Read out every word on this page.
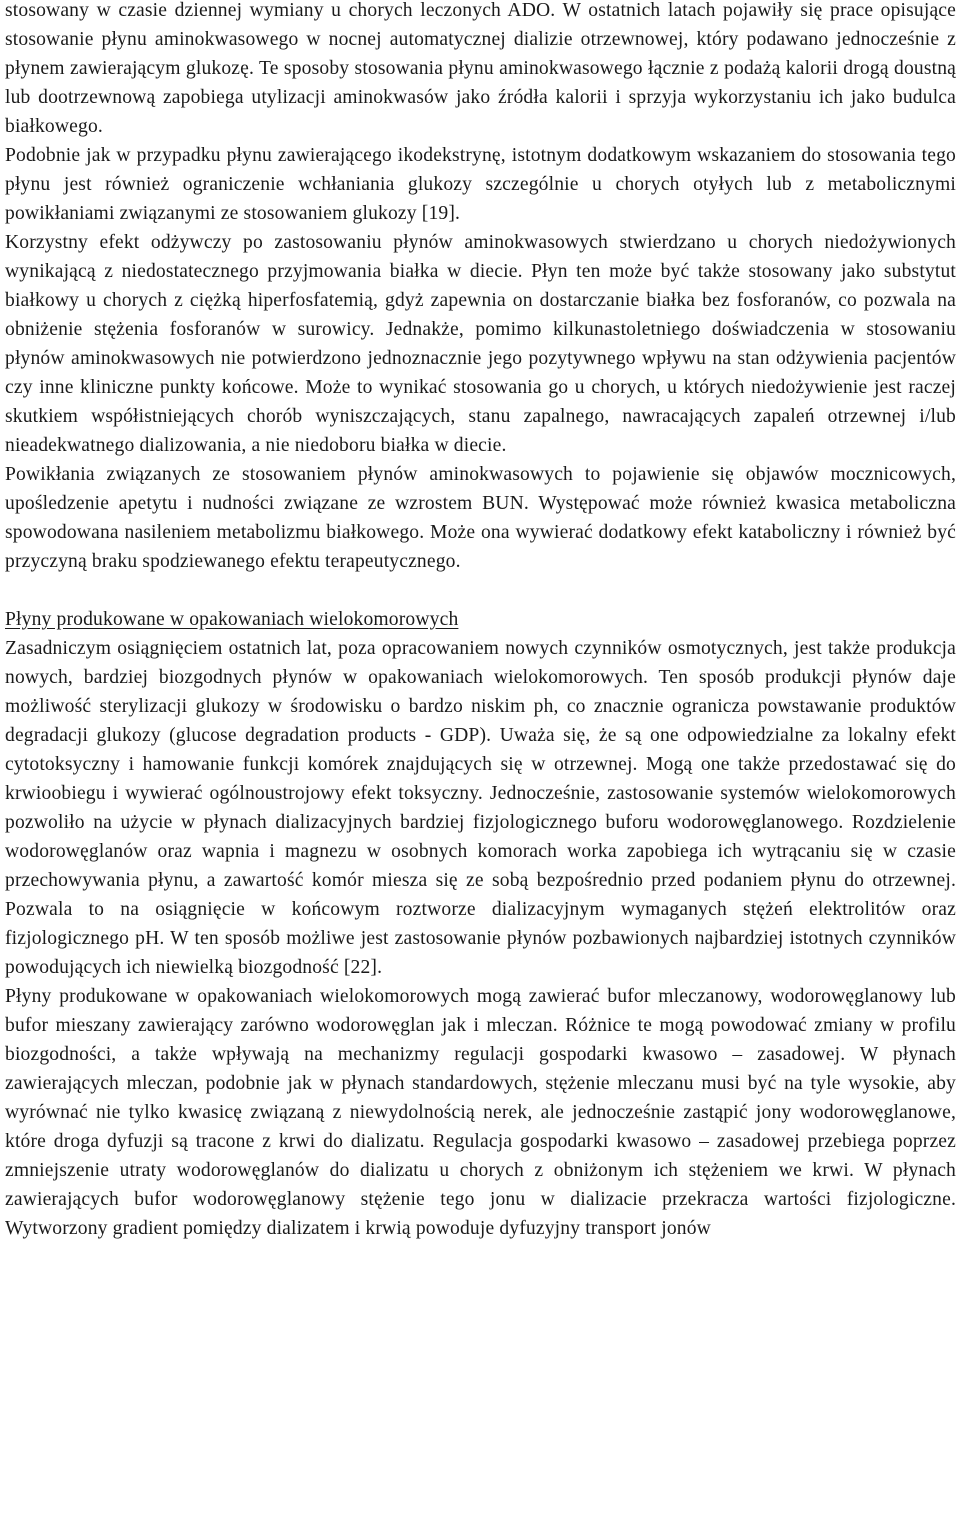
stosowany w czasie dziennej wymiany u chorych leczonych ADO. W ostatnich latach pojawiły się prace opisujące stosowanie płynu aminokwasowego w nocnej automatycznej dializie otrzewnowej, który podawano jednocześnie z płynem zawierającym glukozę. Te sposoby stosowania płynu aminokwasowego łącznie z podażą kalorii drogą doustną lub dootrzewnową zapobiega utylizacji aminokwasów jako źródła kalorii i sprzyja wykorzystaniu ich jako budulca białkowego.

Podobnie jak w przypadku płynu zawierającego ikodekstrynę, istotnym dodatkowym wskazaniem do stosowania tego płynu jest również ograniczenie wchłaniania glukozy szczególnie u chorych otyłych lub z metabolicznymi powikłaniami związanymi ze stosowaniem glukozy [19].

Korzystny efekt odżywczy po zastosowaniu płynów aminokwasowych stwierdzano u chorych niedożywionych wynikającą z niedostatecznego przyjmowania białka w diecie. Płyn ten może być także stosowany jako substytut białkowy u chorych z ciężką hiperfosfatemią, gdyż zapewnia on dostarczanie białka bez fosforanów, co pozwala na obniżenie stężenia fosforanów w surowicy. Jednakże, pomimo kilkunastoletniego doświadczenia w stosowaniu płynów aminokwasowych nie potwierdzono jednoznacznie jego pozytywnego wpływu na stan odżywienia pacjentów czy inne kliniczne punkty końcowe. Może to wynikać stosowania go u chorych, u których niedożywienie jest raczej skutkiem współistniejących chorób wyniszczających, stanu zapalnego, nawracających zapaleń otrzewnej i/lub nieadekwatnego dializowania, a nie niedoboru białka w diecie.

Powikłania związanych ze stosowaniem płynów aminokwasowych to pojawienie się objawów mocznicowych, upośledzenie apetytu i nudności związane ze wzrostem BUN. Występować może również kwasica metaboliczna spowodowana nasileniem metabolizmu białkowego. Może ona wywierać dodatkowy efekt kataboliczny i również być przyczyną braku spodziewanego efektu terapeutycznego.

Płyny produkowane w opakowaniach wielokomorowych

Zasadniczym osiągnięciem ostatnich lat, poza opracowaniem nowych czynników osmotycznych, jest także produkcja nowych, bardziej biozgodnych płynów w opakowaniach wielokomorowych. Ten sposób produkcji płynów daje możliwość sterylizacji glukozy w środowisku o bardzo niskim ph, co znacznie ogranicza powstawanie produktów degradacji glukozy (glucose degradation products - GDP). Uważa się, że są one odpowiedzialne za lokalny efekt cytotoksyczny i hamowanie funkcji komórek znajdujących się w otrzewnej. Mogą one także przedostawać się do krwioobiegu i wywierać ogólnoustrojowy efekt toksyczny. Jednocześnie, zastosowanie systemów wielokomorowych pozwoliło na użycie w płynach dializacyjnych bardziej fizjologicznego buforu wodorowęglanowego. Rozdzielenie wodorowęglanów oraz wapnia i magnezu w osobnych komorach worka zapobiega ich wytrącaniu się w czasie przechowywania płynu, a zawartość komór miesza się ze sobą bezpośrednio przed podaniem płynu do otrzewnej. Pozwala to na osiągnięcie w końcowym roztworze dializacyjnym wymaganych stężeń elektrolitów oraz fizjologicznego pH. W ten sposób możliwe jest zastosowanie płynów pozbawionych najbardziej istotnych czynników powodujących ich niewielką biozgodność [22].

Płyny produkowane w opakowaniach wielokomorowych mogą zawierać bufor mleczanowy, wodorowęglanowy lub bufor mieszany zawierający zarówno wodorowęglan jak i mleczan. Różnice te mogą powodować zmiany w profilu biozgodności, a także wpływają na mechanizmy regulacji gospodarki kwasowo – zasadowej. W płynach zawierających mleczan, podobnie jak w płynach standardowych, stężenie mleczanu musi być na tyle wysokie, aby wyrównać nie tylko kwasicę związaną z niewydolnością nerek, ale jednocześnie zastąpić jony wodorowęglanowe, które droga dyfuzji są tracone z krwi do dializatu. Regulacja gospodarki kwasowo – zasadowej przebiega poprzez zmniejszenie utraty wodorowęglanów do dializatu u chorych z obniżonym ich stężeniem we krwi. W płynach zawierających bufor wodorowęglanowy stężenie tego jonu w dializacie przekracza wartości fizjologiczne. Wytworzony gradient pomiędzy dializatem i krwią powoduje dyfuzyjny transport jonów
